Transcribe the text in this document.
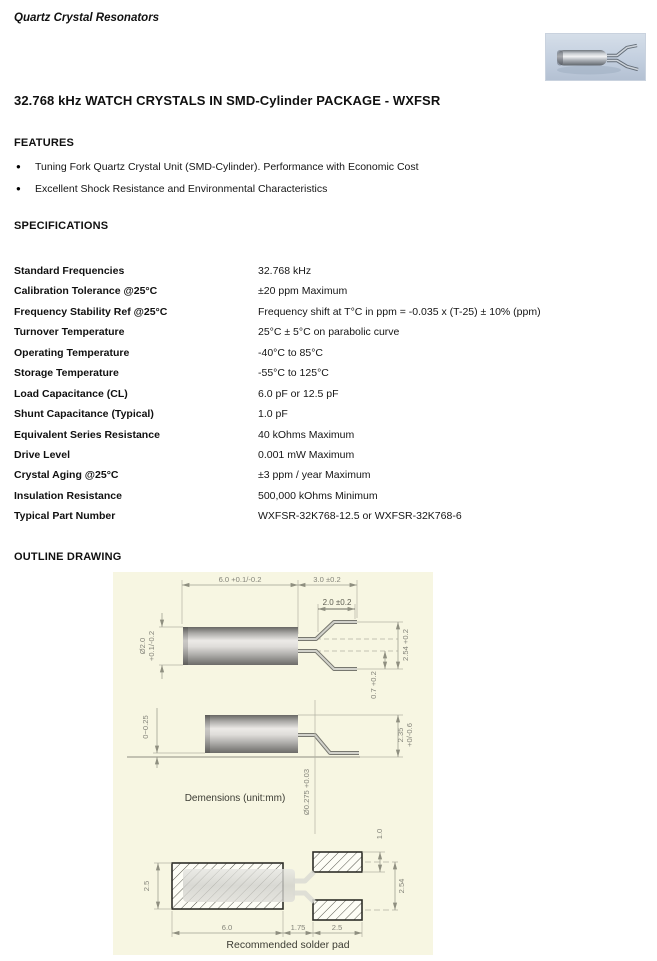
Quartz Crystal Resonators
32.768 kHz WATCH CRYSTALS IN SMD-Cylinder PACKAGE - WXFSR
FEATURES
●	Tuning Fork Quartz Crystal Unit (SMD-Cylinder). Performance with Economic Cost
●	Excellent Shock Resistance and Environmental Characteristics
SPECIFICATIONS
Standard Frequencies	32.768 kHz
Calibration Tolerance @25°C	±20 ppm Maximum
Frequency Stability Ref @25°C	Frequency shift at T°C in ppm = -0.035 x (T-25) ± 10% (ppm)
Turnover Temperature	25°C ± 5°C on parabolic curve
Operating Temperature	-40°C to 85°C
Storage Temperature	-55°C to 125°C
Load Capacitance (CL)	6.0 pF or 12.5 pF
Shunt Capacitance (Typical)	1.0 pF
Equivalent Series Resistance	40 kOhms Maximum
Drive Level	0.001 mW Maximum
Crystal Aging @25°C	±3 ppm / year Maximum
Insulation Resistance	500,000 kOhms Minimum
Typical Part Number	WXFSR-32K768-12.5 or WXFSR-32K768-6
OUTLINE DRAWING
6.0 +0.1/-0.2	3.0 ±0.2
2.0 ±0.2
Ø2.0 +0.1/-0.2	2.54 +0.2
0.7 +0.2
0~0.25
Ø0.275 +0.03
2.35 +0/-0.6
Demensions (unit:mm)
2.5
1.0
2.54
6.0	1.75	2.5
Recommended solder pad
